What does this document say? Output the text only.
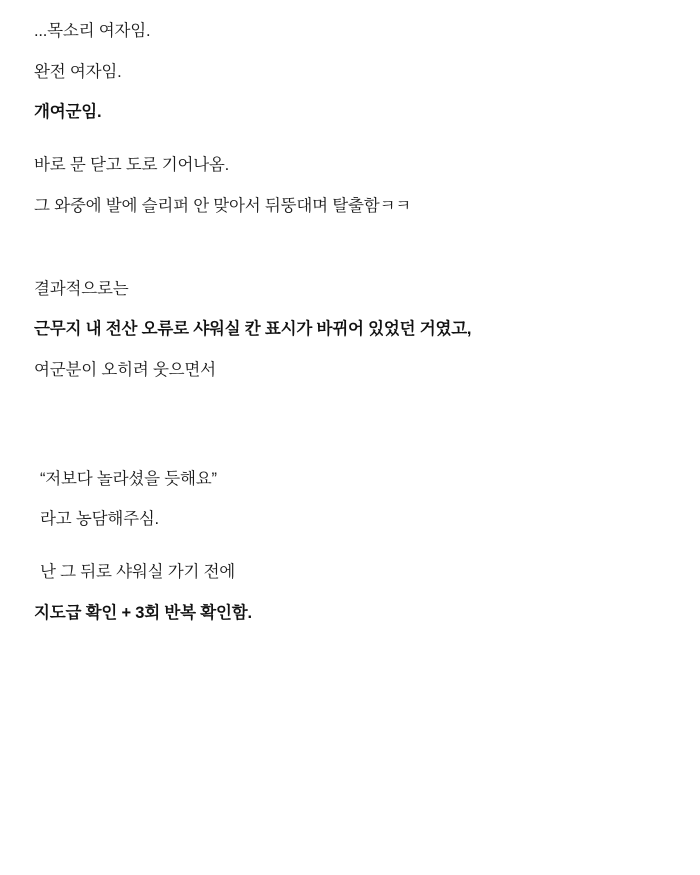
...목소리 여자임.
완전 여자임.
개여군임.
바로 문 닫고 도로 기어나옴.
그 와중에 발에 슬리퍼 안 맞아서 뒤뚱대며 탈출함ㅋㅋ
결과적으로는
근무지 내 전산 오류로 샤워실 칸 표시가 바뀌어 있었던 거였고,
여군분이 오히려 웃으면서
“저보다 놀라셨을 듯해요”
라고 농담해주심.
난 그 뒤로 샤워실 가기 전에
지도급 확인 + 3회 반복 확인함.
